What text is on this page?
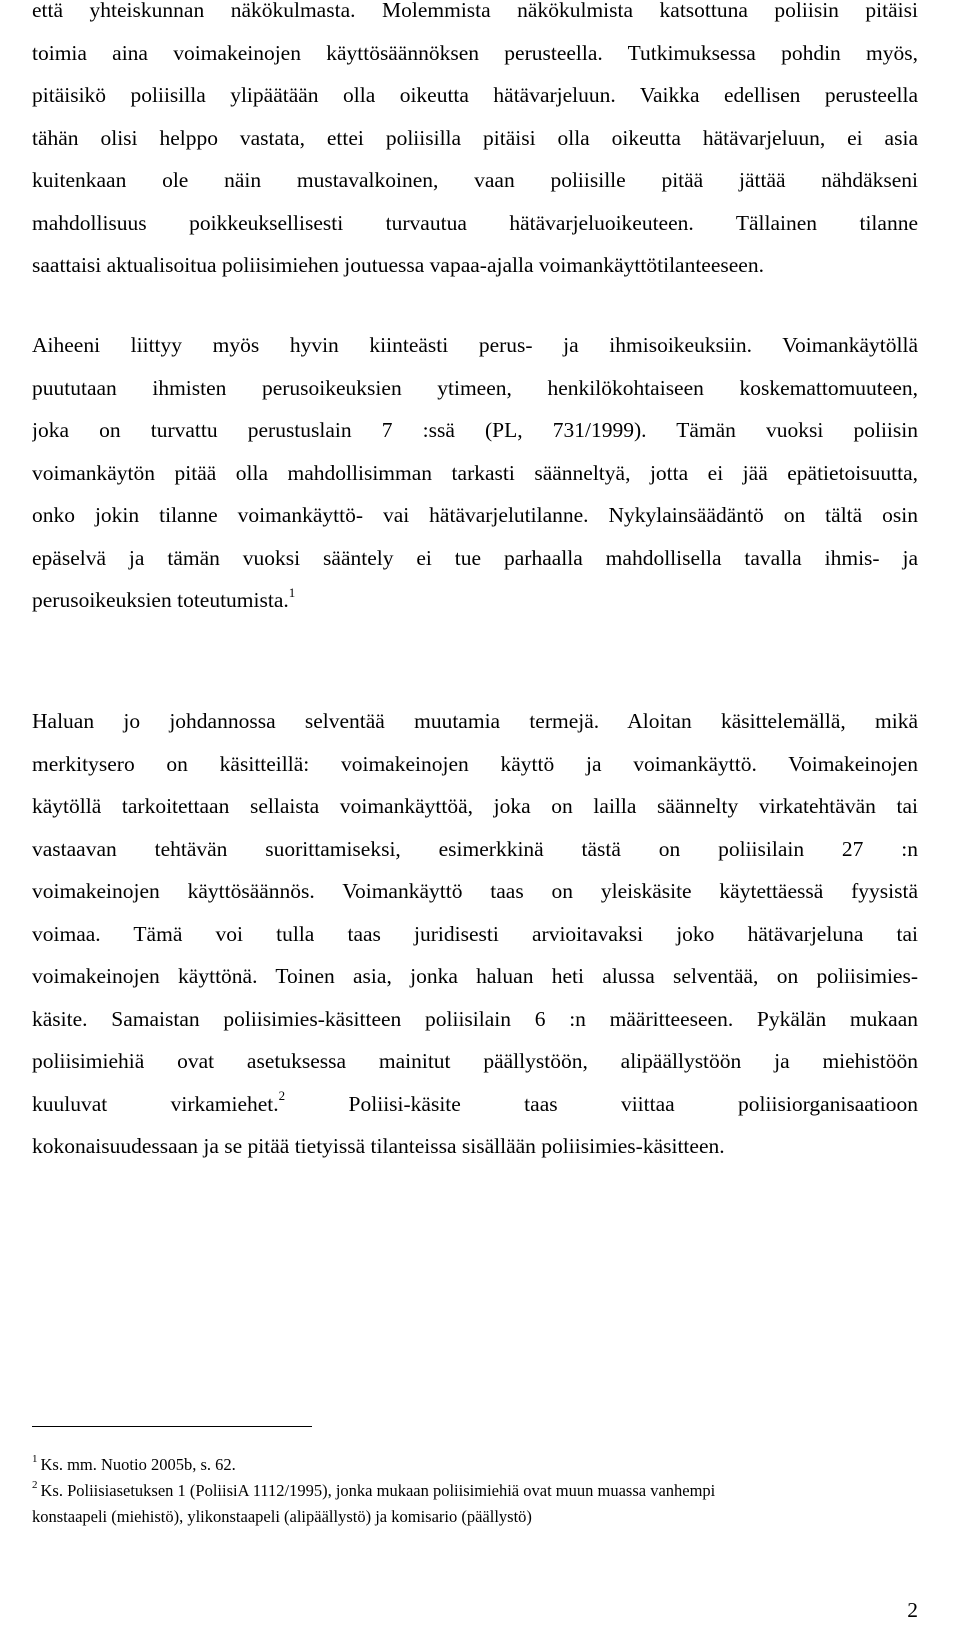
että yhteiskunnan näkökulmasta. Molemmista näkökulmista katsottuna poliisin pitäisi
toimia aina voimakeinojen käyttösäännöksen perusteella. Tutkimuksessa pohdin myös,
pitäisikö poliisilla ylipäätään olla oikeutta hätävarjeluun. Vaikka edellisen perusteella
tähän olisi helppo vastata, ettei poliisilla pitäisi olla oikeutta hätävarjeluun, ei asia
kuitenkaan ole näin mustavalkoinen, vaan poliisille pitää jättää nähdäkseni
mahdollisuus poikkeuksellisesti turvautua hätävarjeluoikeuteen. Tällainen tilanne
saattaisi aktualisoitua poliisimiehen joutuessa vapaa-ajalla voimankäyttötilanteeseen.

Aiheeni liittyy myös hyvin kiinteästi perus- ja ihmisoikeuksiin. Voimankäytöllä
puututaan ihmisten perusoikeuksien ytimeen, henkilökohtaiseen koskemattomuuteen,
joka on turvattu perustuslain 7 :ssä (PL, 731/1999). Tämän vuoksi poliisin
voimankäytön pitää olla mahdollisimman tarkasti säänneltyä, jotta ei jää epätietoisuutta,
onko jokin tilanne voimankäyttö- vai hätävarjelutilanne. Nykylainsäädäntö on tältä osin
epäselvä ja tämän vuoksi sääntely ei tue parhaalla mahdollisella tavalla ihmis- ja
perusoikeuksien toteutumista.$^1$

Haluan jo johdannossa selventää muutamia termejä. Aloitan käsittelemällä, mikä
merkitysero on käsitteillä: voimakeinojen käyttö ja voimankäyttö. Voimakeinojen
käytöllä tarkoitettaan sellaista voimankäyttöä, joka on lailla säännelty virkatehtävän tai
vastaavan tehtävän suorittamiseksi, esimerkkinä tästä on poliisilain 27 :n
voimakeinojen käyttösäännös. Voimankäyttö taas on yleiskäsite käytettäessä fyysistä
voimaa. Tämä voi tulla taas juridisesti arvioitavaksi joko hätävarjeluna tai
voimakeinojen käyttönä. Toinen asia, jonka haluan heti alussa selventää, on poliisimies-
käsite. Samaistan poliisimies-käsitteen poliisilain 6 :n määritteeseen. Pykälän mukaan
poliisimiehiä ovat asetuksessa mainitut päällystöön, alipäällystöön ja miehistöön
kuuluvat virkamiehet.$^2$ Poliisi-käsite taas viittaa poliisiorganisaatioon
kokonaisuudessaan ja se pitää tietyissä tilanteissa sisällään poliisimies-käsitteen.

$^1$ Ks. mm. Nuotio 2005b, s. 62.
$^2$ Ks. Poliisiasetuksen 1 (PoliisiA 1112/1995), jonka mukaan poliisimiehiä ovat muun muassa vanhempi
konstaapeli (miehistö), ylikonstaapeli (alipäällystö) ja komisario (päällystö)
2
